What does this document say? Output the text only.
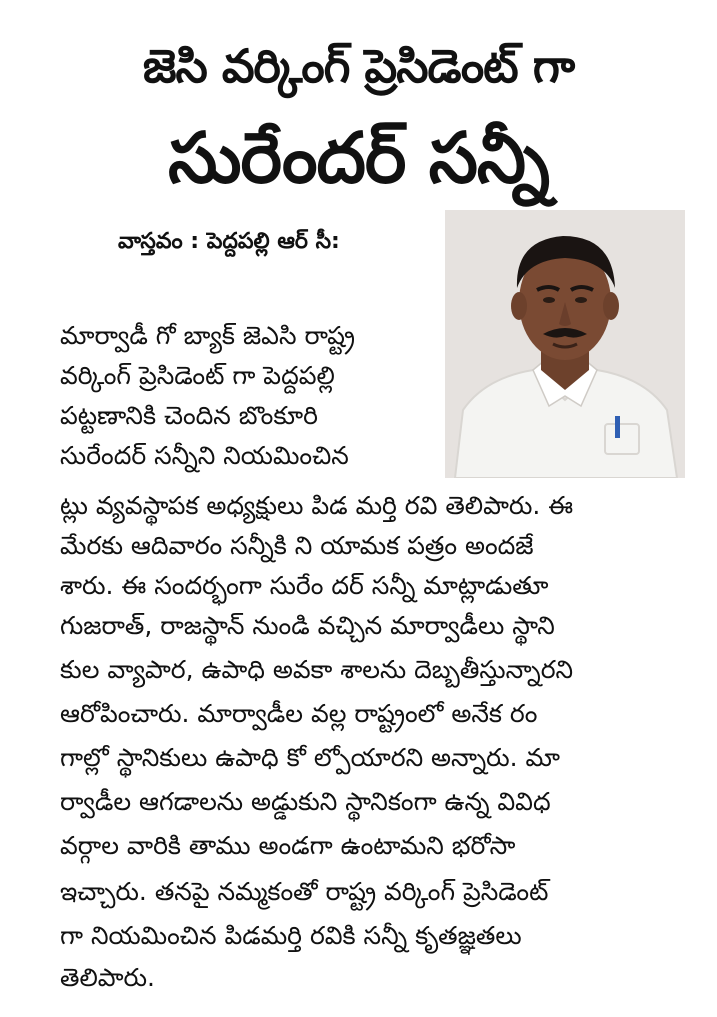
జెసి వర్కింగ్ ప్రెసిడెంట్ గా
సురేందర్ సన్నీ
వాస్తవం : పెద్దపల్లి ఆర్ సీ:
మార్వాడీ గో బ్యాక్ జెఎసి రాష్ట్ర
వర్కింగ్ ప్రెసిడెంట్ గా పెద్దపల్లి
పట్టణానికి చెందిన బొంకూరి
సురేందర్ సన్నీని నియమించిన
ట్లు వ్యవస్థాపక అధ్యక్షులు పిడ మర్తి రవి తెలిపారు. ఈ
మేరకు ఆదివారం సన్నీకి ని యామక పత్రం అందజే
శారు. ఈ సందర్భంగా సురేం దర్ సన్నీ మాట్లాడుతూ
గుజరాత్, రాజస్థాన్ నుండి వచ్చిన మార్వాడీలు స్థాని
కుల వ్యాపార, ఉపాధి అవకా శాలను దెబ్బతీస్తున్నారని
ఆరోపించారు. మార్వాడీల వల్ల రాష్ట్రంలో అనేక రం
గాల్లో స్థానికులు ఉపాధి కో ల్పోయారని అన్నారు. మా
ర్వాడీల ఆగడాలను అడ్డుకుని స్థానికంగా ఉన్న వివిధ
వర్గాల వారికి తాము అండగా ఉంటామని భరోసా
ఇచ్చారు. తనపై నమ్మకంతో రాష్ట్ర వర్కింగ్ ప్రెసిడెంట్
గా నియమించిన పిడమర్తి రవికి సన్నీ కృతజ్ఞతలు
తెలిపారు.
